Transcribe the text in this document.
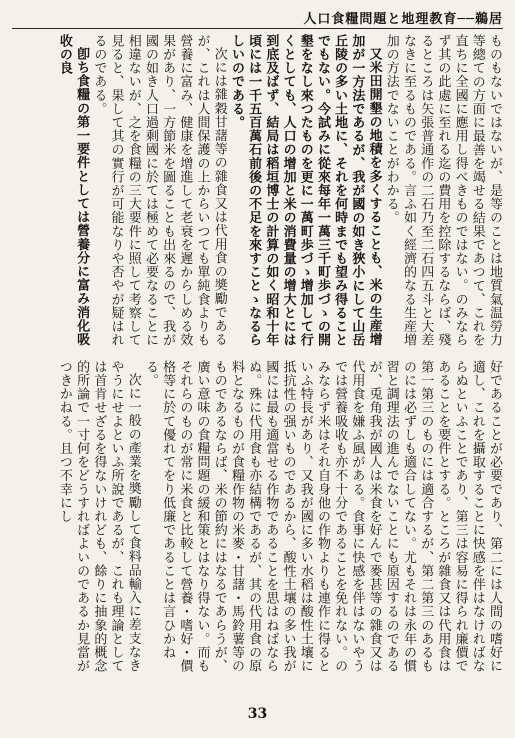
人口食糧問題と地理教育──鵜居

ものもないではないが、是等のことは地質氣温勞力等總ての方面に最善を竭せる結果であつて、これを直ちに全國に應用し得べきものではない。のみならず其の此處に至れる迄の費用を控除するならば、殘るところは矢張普通作の二石乃至二石四五斗と大差なきに至るものである。言ふ如く經濟的なる生産増加の方法でないことがわかる。

又米田開墾の地積を多くすることも、米の生産增加が一方法であるが、我が國の如き狹小にして山岳丘陵の多い土地に、それを何時までも望み得ることでもない。今試みに從來每年一萬三千町歩づゝの開墾をなし來つたものを更に一萬町歩づゝ增加して行くとしても、人口の增加と米の消費量の增大とには到底及ばず、結局は稻垣博士の計算の如く昭和十年頃には一千五百萬石前後の不足を來すことゝなるらしいのである。

次には雜穀甘藷等の雜食又は代用食の奬勵であるが、これは人間保護の上からいつても單純食よりも營養に富み、健康を增進して老衰を遲からしめる效果があり、一方節米を圖ることも出來るので、我が國の如き人口過剩國に於ては極めて必要なることに相違ないが、之を食糧の三大要件に照して考察して見ると、果して其の實行が可能なりや否やが疑はれるのである。

卽ち食糧の第一要件としては營養分に富み消化吸收の良

好であることが必要であり、第二には人間の嗜好に適し、これを攝取することに快感を伴はなければならぬといふことであり、第三は容易に得られ廉價であることを要件とする。ところが雜食又は代用食は第一第三のものには適合するが、第二第三のあるものには必ずしも適合してない。尤もそれは永年の慣習と調理法の進んでないことにも原因するのであるが、兎角我が國人は米食を好んで麥甚等の雜食又は代用食を嫌ふ風がある。食事に快感を伴はないやうでは營養吸收も亦不十分であることを免れない。のみならず米はそれ自身他の作物よりも連作に得るといふ特長があり、又我が國に多い水稻は酸性土壤に抵抗性の强いものであるから、酸性土壤の多い我が國には最も適當せる作物であることを思はねばならぬ。殊に代用食も亦結構であるが、其の代用食の原料となるものが食糧作物の米麥・甘藷・馬鈴薯等のものであるならば、米の節約にはなるであらうが、廣い意味の食糧問題の緩和策とはなり得ない。而もそれらのものが常に米食と比較して營養・嗜好・價格等に於て優れてをり低廉であることは言ひかねる。

次に一般の產業を奬勵して食料品輸入に差支なきやうにせよといふ所說であるが、これも理論としては首肯せざるを得ないけれども、餘りに抽象的概念的所論で一寸何をどうすればよいのであるか見當がつきかねる。且つ不幸にし

33
